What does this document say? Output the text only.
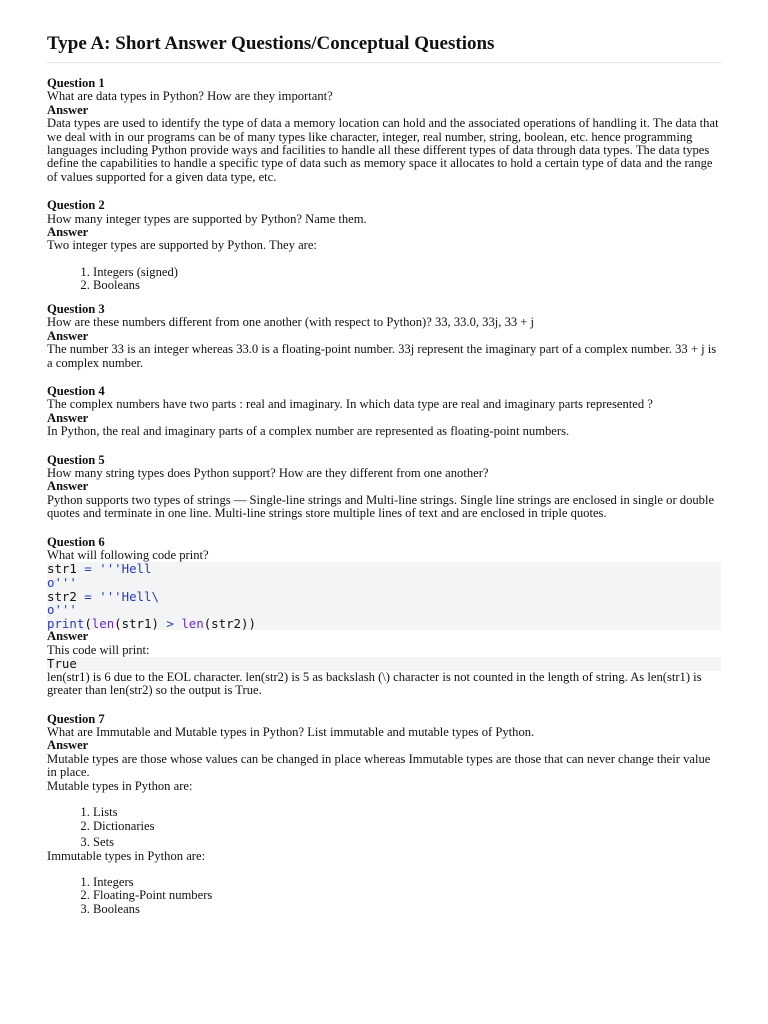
Type A: Short Answer Questions/Conceptual Questions
Question 1
What are data types in Python? How are they important?
Answer
Data types are used to identify the type of data a memory location can hold and the associated operations of handling it. The data that we deal with in our programs can be of many types like character, integer, real number, string, boolean, etc. hence programming languages including Python provide ways and facilities to handle all these different types of data through data types. The data types define the capabilities to handle a specific type of data such as memory space it allocates to hold a certain type of data and the range of values supported for a given data type, etc.
Question 2
How many integer types are supported by Python? Name them.
Answer
Two integer types are supported by Python. They are:
1. Integers (signed)
2. Booleans
Question 3
How are these numbers different from one another (with respect to Python)? 33, 33.0, 33j, 33 + j
Answer
The number 33 is an integer whereas 33.0 is a floating-point number. 33j represent the imaginary part of a complex number. 33 + j is a complex number.
Question 4
The complex numbers have two parts : real and imaginary. In which data type are real and imaginary parts represented ?
Answer
In Python, the real and imaginary parts of a complex number are represented as floating-point numbers.
Question 5
How many string types does Python support? How are they different from one another?
Answer
Python supports two types of strings — Single-line strings and Multi-line strings. Single line strings are enclosed in single or double quotes and terminate in one line. Multi-line strings store multiple lines of text and are enclosed in triple quotes.
Question 6
What will following code print?
str1 = '''Hell
o'''
str2 = '''Hell\
o'''
print(len(str1) > len(str2))
Answer
This code will print:
True
len(str1) is 6 due to the EOL character. len(str2) is 5 as backslash (\) character is not counted in the length of string. As len(str1) is greater than len(str2) so the output is True.
Question 7
What are Immutable and Mutable types in Python? List immutable and mutable types of Python.
Answer
Mutable types are those whose values can be changed in place whereas Immutable types are those that can never change their value in place.
Mutable types in Python are:
1. Lists
2. Dictionaries
3. Sets
Immutable types in Python are:
1. Integers
2. Floating-Point numbers
3. Booleans
